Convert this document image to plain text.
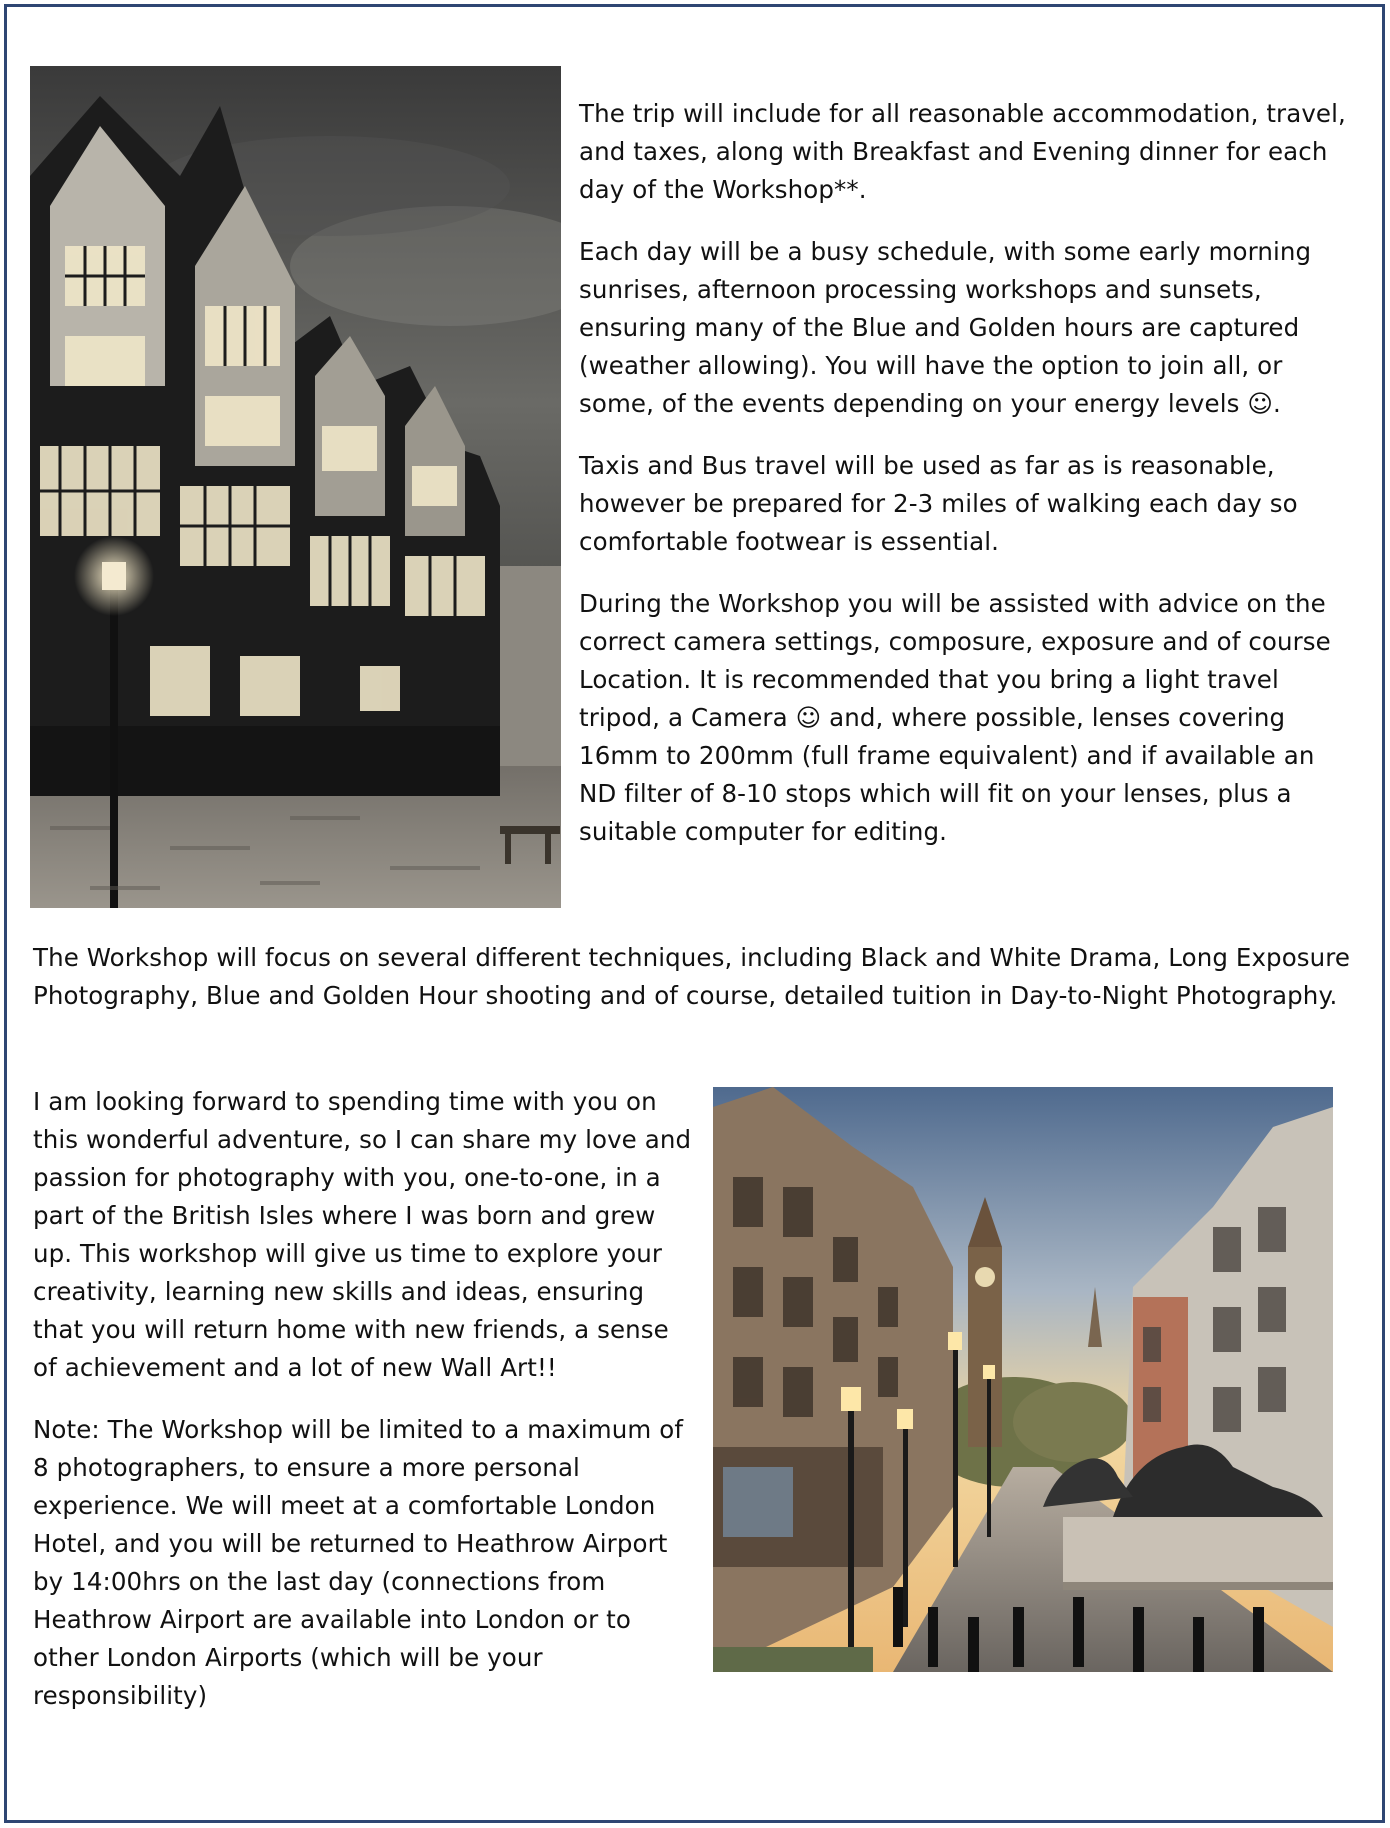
The trip will include for all reasonable accommodation, travel, and taxes, along with Breakfast and Evening dinner for each day of the Workshop**.

Each day will be a busy schedule, with some early morning sunrises, afternoon processing workshops and sunsets, ensuring many of the Blue and Golden hours are captured (weather allowing). You will have the option to join all, or some, of the events depending on your energy levels ☺.

Taxis and Bus travel will be used as far as is reasonable, however be prepared for 2-3 miles of walking each day so comfortable footwear is essential.

During the Workshop you will be assisted with advice on the correct camera settings, composure, exposure and of course Location. It is recommended that you bring a light travel tripod, a Camera ☺ and, where possible, lenses covering 16mm to 200mm (full frame equivalent) and if available an ND filter of 8-10 stops which will fit on your lenses, plus a suitable computer for editing.

The Workshop will focus on several different techniques, including Black and White Drama, Long Exposure Photography, Blue and Golden Hour shooting and of course, detailed tuition in Day-to-Night Photography.

I am looking forward to spending time with you on this wonderful adventure, so I can share my love and passion for photography with you, one-to-one, in a part of the British Isles where I was born and grew up. This workshop will give us time to explore your creativity, learning new skills and ideas, ensuring that you will return home with new friends, a sense of achievement and a lot of new Wall Art!!

Note: The Workshop will be limited to a maximum of 8 photographers, to ensure a more personal experience. We will meet at a comfortable London Hotel, and you will be returned to Heathrow Airport by 14:00hrs on the last day (connections from Heathrow Airport are available into London or to other London Airports (which will be your responsibility)
